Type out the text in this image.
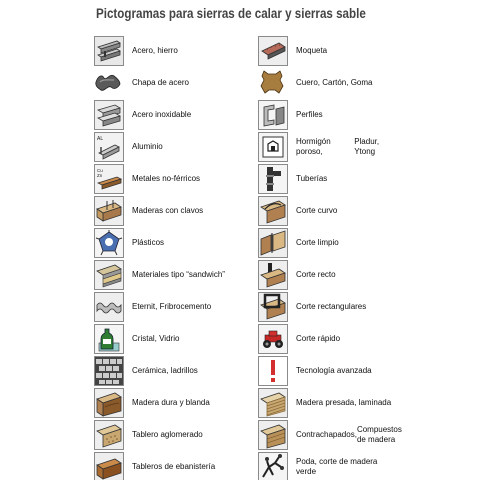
Pictogramas para sierras de calar y sierras sable
Acero, hierro
Chapa de acero
Acero inoxidable
AL
Aluminio
Cu
Zn	Metales no-férricos
Maderas con clavos
Plásticos
Materiales tipo “sandwich”
Eternit, Fribrocemento
Cristal, Vidrio
Cerámica, ladrillos
Madera dura y blanda
Tablero aglomerado
Tableros de ebanistería
Moqueta
Cuero, Cartón, Goma
Perfiles
Hormigón poroso,
Pladur, Ytong
Tuberías
Corte curvo
Corte limpio
Corte recto
Corte rectangulares
Corte rápido
Tecnología avanzada
Madera presada, laminada
Contrachapados,
Compuestos de madera
Poda, corte de madera verde
